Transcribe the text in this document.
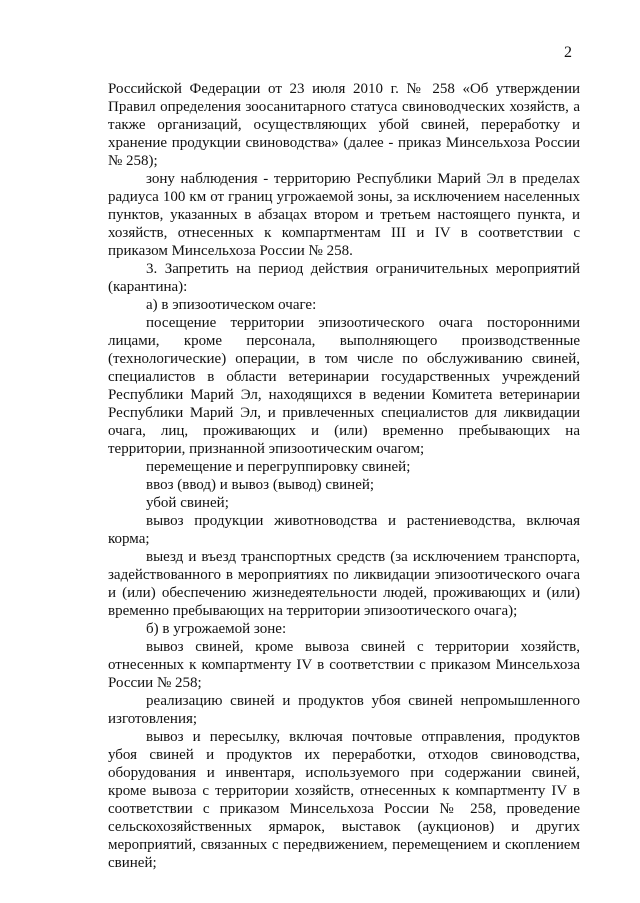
2

Российской Федерации от 23 июля 2010 г. № 258 «Об утверждении Правил определения зоосанитарного статуса свиноводческих хозяйств, а также организаций, осуществляющих убой свиней, переработку и хранение продукции свиноводства» (далее - приказ Минсельхоза России № 258);

зону наблюдения - территорию Республики Марий Эл в пределах радиуса 100 км от границ угрожаемой зоны, за исключением населенных пунктов, указанных в абзацах втором и третьем настоящего пункта, и хозяйств, отнесенных к компартментам III и IV в соответствии с приказом Минсельхоза России № 258.

3. Запретить на период действия ограничительных мероприятий (карантина):

а) в эпизоотическом очаге:

посещение территории эпизоотического очага посторонними лицами, кроме персонала, выполняющего производственные (технологические) операции, в том числе по обслуживанию свиней, специалистов в области ветеринарии государственных учреждений Республики Марий Эл, находящихся в ведении Комитета ветеринарии Республики Марий Эл, и привлеченных специалистов для ликвидации очага, лиц, проживающих и (или) временно пребывающих на территории, признанной эпизоотическим очагом;

перемещение и перегруппировку свиней;

ввоз (ввод) и вывоз (вывод) свиней;

убой свиней;

вывоз продукции животноводства и растениеводства, включая корма;

выезд и въезд транспортных средств (за исключением транспорта, задействованного в мероприятиях по ликвидации эпизоотического очага и (или) обеспечению жизнедеятельности людей, проживающих и (или) временно пребывающих на территории эпизоотического очага);

б) в угрожаемой зоне:

вывоз свиней, кроме вывоза свиней с территории хозяйств, отнесенных к компартменту IV в соответствии с приказом Минсельхоза России № 258;

реализацию свиней и продуктов убоя свиней непромышленного изготовления;

вывоз и пересылку, включая почтовые отправления, продуктов убоя свиней и продуктов их переработки, отходов свиноводства, оборудования и инвентаря, используемого при содержании свиней, кроме вывоза с территории хозяйств, отнесенных к компартменту IV в соответствии с приказом Минсельхоза России № 258, проведение сельскохозяйственных ярмарок, выставок (аукционов) и других мероприятий, связанных с передвижением, перемещением и скоплением свиней;
